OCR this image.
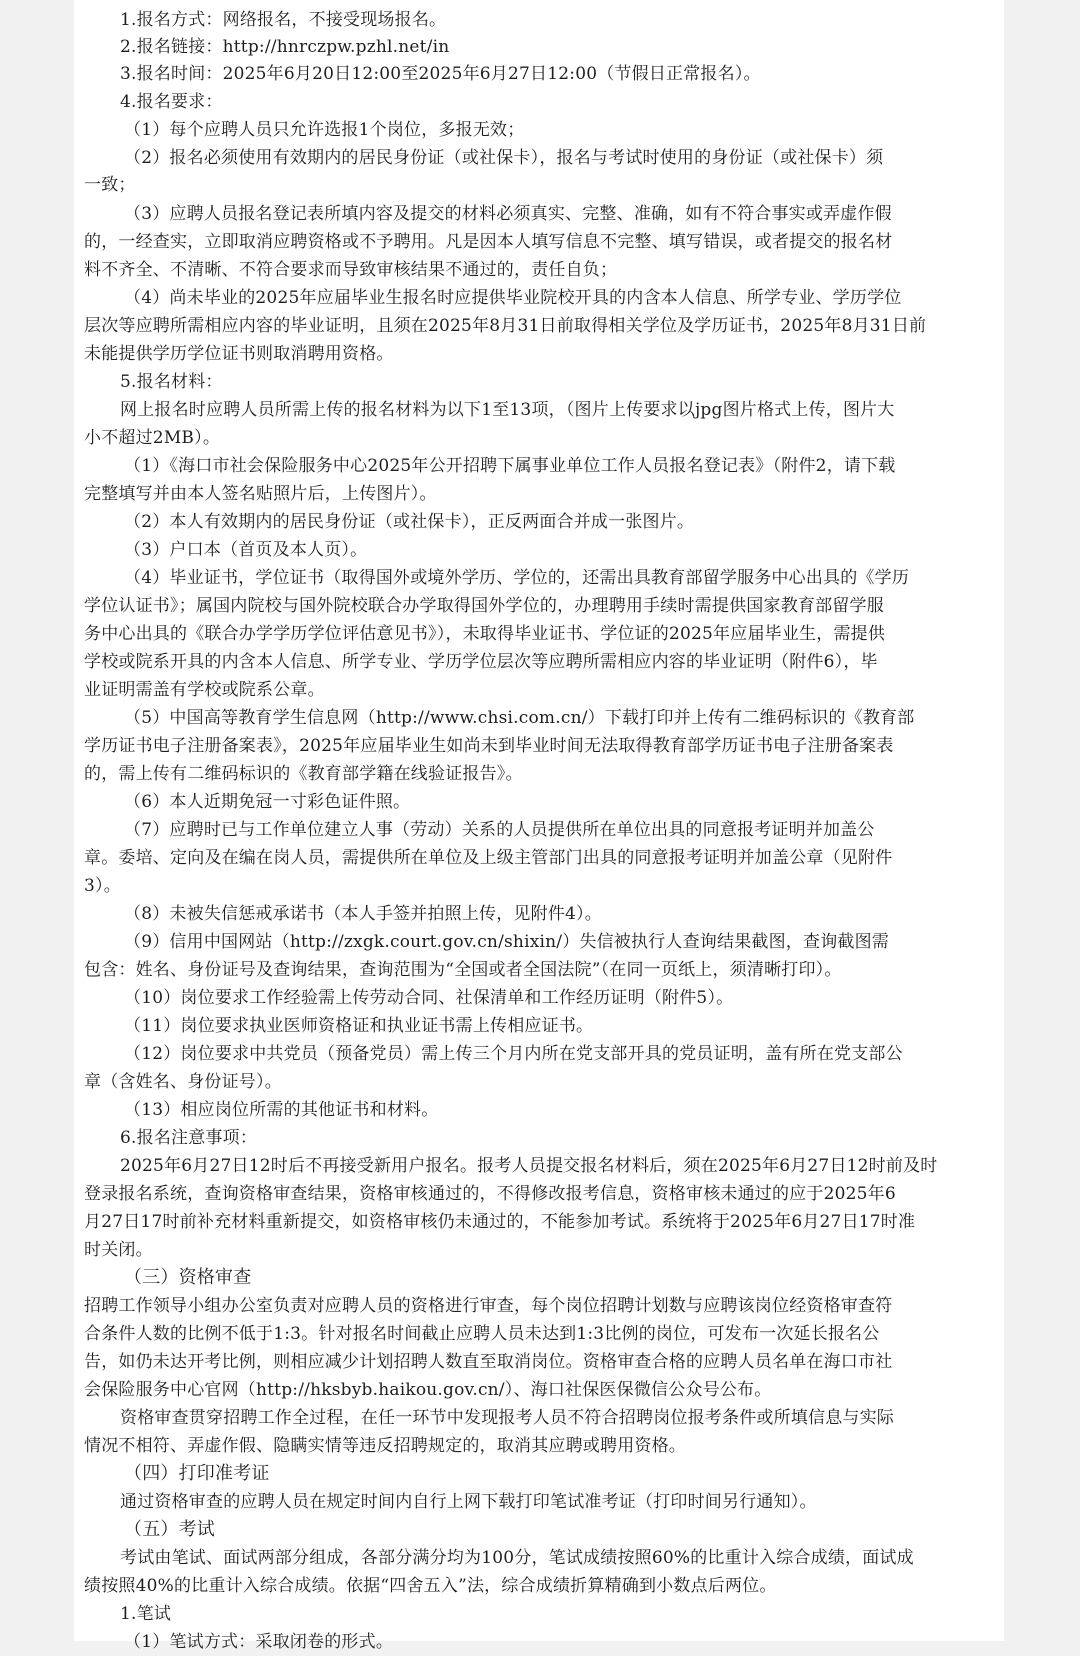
1.报名方式：网络报名，不接受现场报名。
2.报名链接：http://hnrczpw.pzhl.net/in
3.报名时间：2025年6月20日12:00至2025年6月27日12:00（节假日正常报名）。
4.报名要求：
（1）每个应聘人员只允许选报1个岗位，多报无效；
（2）报名必须使用有效期内的居民身份证（或社保卡），报名与考试时使用的身份证（或社保卡）须
一致；
（3）应聘人员报名登记表所填内容及提交的材料必须真实、完整、准确，如有不符合事实或弄虚作假
的，一经查实，立即取消应聘资格或不予聘用。凡是因本人填写信息不完整、填写错误，或者提交的报名材
料不齐全、不清晰、不符合要求而导致审核结果不通过的，责任自负；
（4）尚未毕业的2025年应届毕业生报名时应提供毕业院校开具的内含本人信息、所学专业、学历学位
层次等应聘所需相应内容的毕业证明，且须在2025年8月31日前取得相关学位及学历证书，2025年8月31日前
未能提供学历学位证书则取消聘用资格。
5.报名材料：
网上报名时应聘人员所需上传的报名材料为以下1至13项，（图片上传要求以jpg图片格式上传，图片大
小不超过2MB）。
（1）《海口市社会保险服务中心2025年公开招聘下属事业单位工作人员报名登记表》（附件2，请下载
完整填写并由本人签名贴照片后，上传图片）。
（2）本人有效期内的居民身份证（或社保卡），正反两面合并成一张图片。
（3）户口本（首页及本人页）。
（4）毕业证书，学位证书（取得国外或境外学历、学位的，还需出具教育部留学服务中心出具的《学历
学位认证书》；属国内院校与国外院校联合办学取得国外学位的，办理聘用手续时需提供国家教育部留学服
务中心出具的《联合办学学历学位评估意见书》），未取得毕业证书、学位证的2025年应届毕业生，需提供
学校或院系开具的内含本人信息、所学专业、学历学位层次等应聘所需相应内容的毕业证明（附件6），毕
业证明需盖有学校或院系公章。
（5）中国高等教育学生信息网（http://www.chsi.com.cn/）下载打印并上传有二维码标识的《教育部
学历证书电子注册备案表》，2025年应届毕业生如尚未到毕业时间无法取得教育部学历证书电子注册备案表
的，需上传有二维码标识的《教育部学籍在线验证报告》。
（6）本人近期免冠一寸彩色证件照。
（7）应聘时已与工作单位建立人事（劳动）关系的人员提供所在单位出具的同意报考证明并加盖公
章。委培、定向及在编在岗人员，需提供所在单位及上级主管部门出具的同意报考证明并加盖公章（见附件
3）。
（8）未被失信惩戒承诺书（本人手签并拍照上传，见附件4）。
（9）信用中国网站（http://zxgk.court.gov.cn/shixin/）失信被执行人查询结果截图，查询截图需
包含：姓名、身份证号及查询结果，查询范围为“全国或者全国法院”（在同一页纸上，须清晰打印）。
（10）岗位要求工作经验需上传劳动合同、社保清单和工作经历证明（附件5）。
（11）岗位要求执业医师资格证和执业证书需上传相应证书。
（12）岗位要求中共党员（预备党员）需上传三个月内所在党支部开具的党员证明，盖有所在党支部公
章（含姓名、身份证号）。
（13）相应岗位所需的其他证书和材料。
6.报名注意事项：
2025年6月27日12时后不再接受新用户报名。报考人员提交报名材料后，须在2025年6月27日12时前及时
登录报名系统，查询资格审查结果，资格审核通过的，不得修改报考信息，资格审核未通过的应于2025年6
月27日17时前补充材料重新提交，如资格审核仍未通过的，不能参加考试。系统将于2025年6月27日17时准
时关闭。
（三）资格审查
招聘工作领导小组办公室负责对应聘人员的资格进行审查，每个岗位招聘计划数与应聘该岗位经资格审查符
合条件人数的比例不低于1:3。针对报名时间截止应聘人员未达到1:3比例的岗位，可发布一次延长报名公
告，如仍未达开考比例，则相应减少计划招聘人数直至取消岗位。资格审查合格的应聘人员名单在海口市社
会保险服务中心官网（http://hksbyb.haikou.gov.cn/）、海口社保医保微信公众号公布。
资格审查贯穿招聘工作全过程，在任一环节中发现报考人员不符合招聘岗位报考条件或所填信息与实际
情况不相符、弄虚作假、隐瞒实情等违反招聘规定的，取消其应聘或聘用资格。
（四）打印准考证
通过资格审查的应聘人员在规定时间内自行上网下载打印笔试准考证（打印时间另行通知）。
（五）考试
考试由笔试、面试两部分组成，各部分满分均为100分，笔试成绩按照60%的比重计入综合成绩，面试成
绩按照40%的比重计入综合成绩。依据“四舍五入”法，综合成绩折算精确到小数点后两位。
1.笔试
（1）笔试方式：采取闭卷的形式。
